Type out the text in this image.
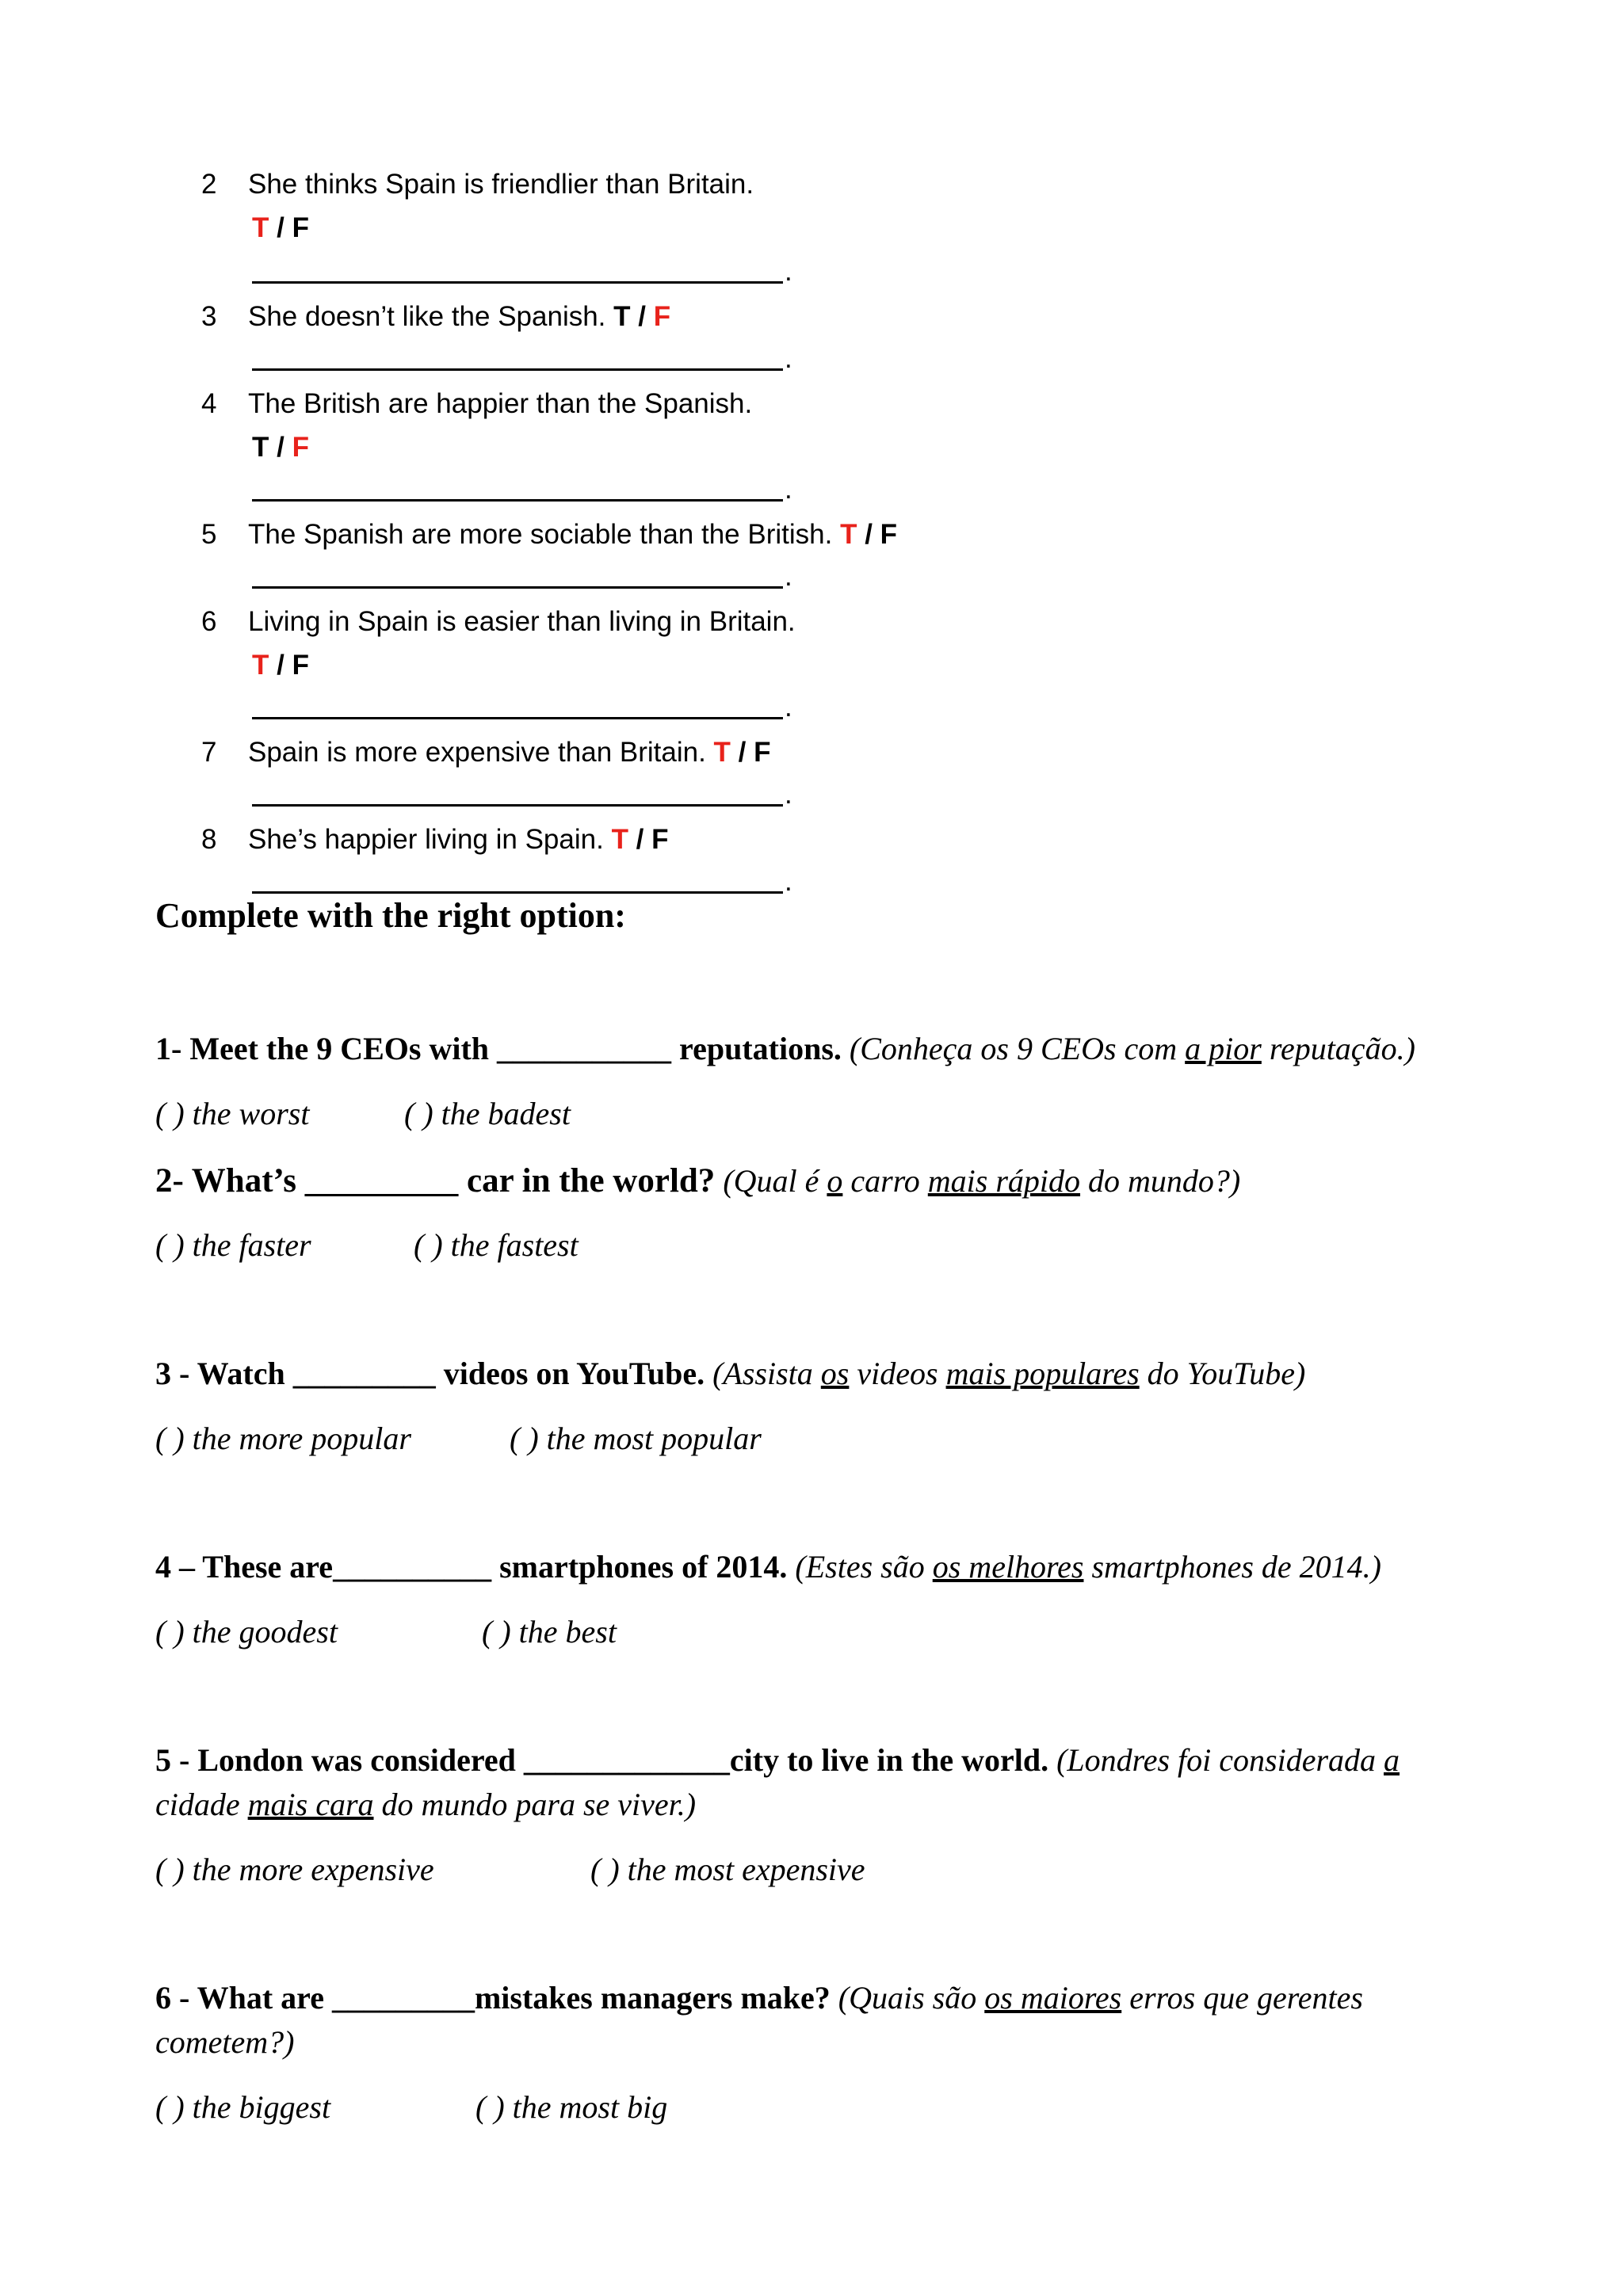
2 She thinks Spain is friendlier than Britain.
T / F
.
3 She doesn’t like the Spanish. T / F
.
4 The British are happier than the Spanish.
T / F
.
5 The Spanish are more sociable than the British. T / F
.
6 Living in Spain is easier than living in Britain.
T / F
.
7 Spain is more expensive than Britain. T / F
.
8 She’s happier living in Spain. T / F
.
Complete with the right option:
1- Meet the 9 CEOs with ___________ reputations. (Conheça os 9 CEOs com a pior reputação.)
( ) the worst	( ) the badest
2- What’s _________ car in the world? (Qual é o carro mais rápido do mundo?)
( ) the faster	( ) the fastest
3 - Watch _________ videos on YouTube. (Assista os videos mais populares do YouTube)
( ) the more popular	( ) the most popular
4 – These are__________ smartphones of 2014. (Estes são os melhores smartphones de 2014.)
( ) the goodest	( ) the best
5 - London was considered _____________city to live in the world. (Londres foi considerada a
cidade mais cara do mundo para se viver.)
( ) the more expensive	( ) the most expensive
6 - What are _________mistakes managers make? (Quais são os maiores erros que gerentes
cometem?)
( ) the biggest	( ) the most big
